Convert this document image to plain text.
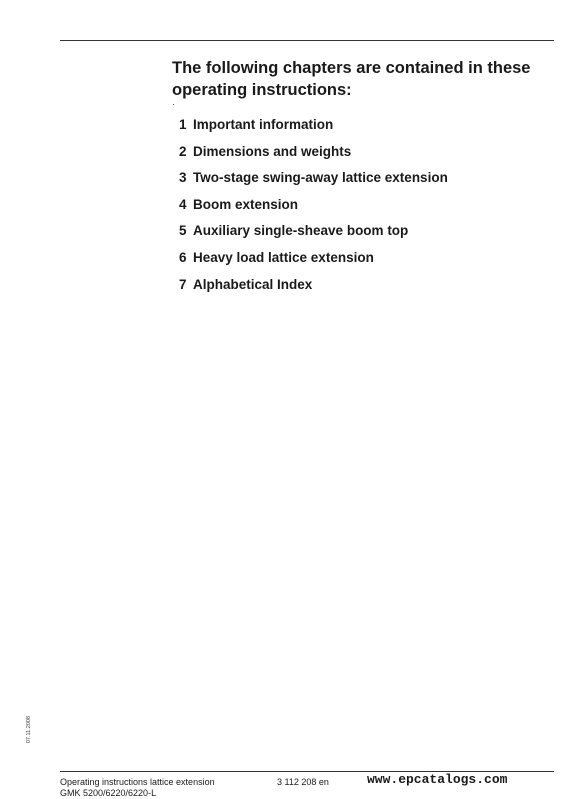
The following chapters are contained in these operating instructions:
1 Important information
2 Dimensions and weights
3 Two-stage swing-away lattice extension
4 Boom extension
5 Auxiliary single-sheave boom top
6 Heavy load lattice extension
7 Alphabetical Index
07.11.2008
Operating instructions lattice extension
GMK 5200/6220/6220-L
3 112 208 en	www.epcatalogs.com
